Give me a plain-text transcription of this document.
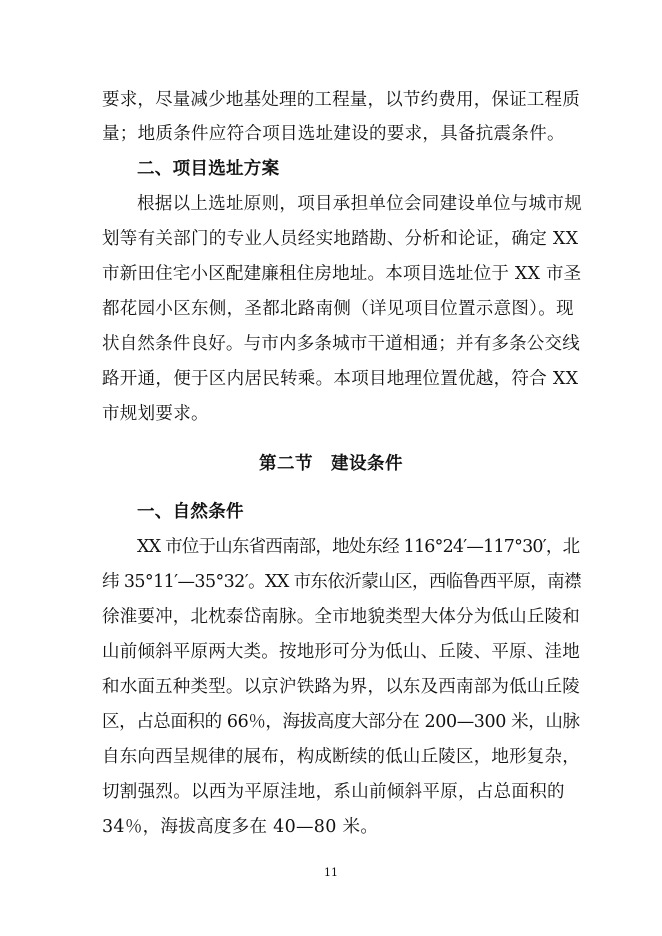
要求，尽量减少地基处理的工程量，以节约费用，保证工程质
量；地质条件应符合项目选址建设的要求，具备抗震条件。
二、项目选址方案
根据以上选址原则，项目承担单位会同建设单位与城市规
划等有关部门的专业人员经实地踏勘、分析和论证，确定 XX
市新田住宅小区配建廉租住房地址。本项目选址位于 XX 市圣
都花园小区东侧，圣都北路南侧（详见项目位置示意图）。现
状自然条件良好。与市内多条城市干道相通；并有多条公交线
路开通，便于区内居民转乘。本项目地理位置优越，符合 XX
市规划要求。
第二节　建设条件
一、自然条件
XX 市位于山东省西南部，地处东经 116°24′—117°30′，北
纬 35°11′—35°32′。XX 市东依沂蒙山区，西临鲁西平原，南襟
徐淮要冲，北枕泰岱南脉。全市地貌类型大体分为低山丘陵和
山前倾斜平原两大类。按地形可分为低山、丘陵、平原、洼地
和水面五种类型。以京沪铁路为界，以东及西南部为低山丘陵
区，占总面积的 66％，海拔高度大部分在 200—300 米，山脉
自东向西呈规律的展布，构成断续的低山丘陵区，地形复杂，
切割强烈。以西为平原洼地，系山前倾斜平原，占总面积的
34％，海拔高度多在 40—80 米。
11
